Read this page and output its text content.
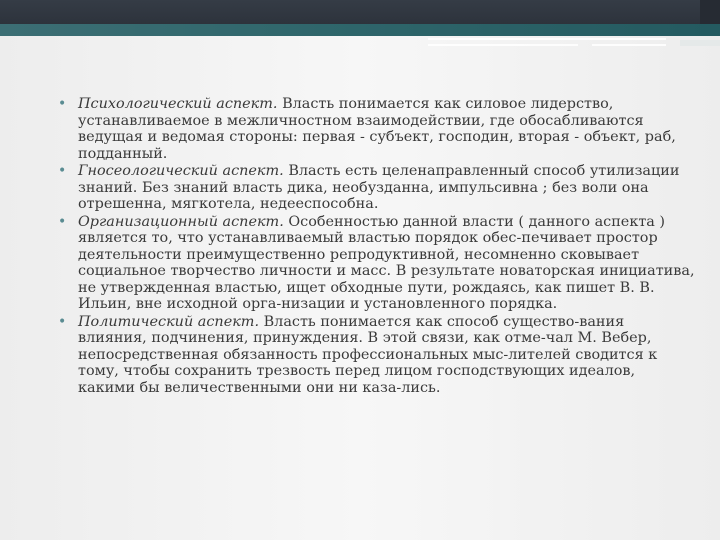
• Психологический аспект. Власть понимается как силовое лидерство, устанавливаемое в межличностном взаимодействии, где обосабливаются ведущая и ведомая стороны: первая - субъект, господин, вторая - объект, раб, подданный.
• Гносеологический аспект. Власть есть целенаправленный способ утилизации знаний. Без знаний власть дика, необузданна, импульсивна ; без воли она отрешенна, мягкотела, недееспособна.
• Организационный аспект. Особенностью данной власти ( данного аспекта ) является то, что устанавливаемый властью порядок обес-печивает простор деятельности преимущественно репродуктивной, несомненно сковывает социальное творчество личности и масс. В результате новаторская инициатива, не утвержденная властью, ищет обходные пути, рождаясь, как пишет В. В. Ильин, вне исходной орга-низации и установленного порядка.
• Политический аспект. Власть понимается как способ существо-вания влияния, подчинения, принуждения. В этой связи, как отме-чал М. Вебер, непосредственная обязанность профессиональных мыс-лителей сводится к тому, чтобы сохранить трезвость перед лицом господствующих идеалов, какими бы величественными они ни каза-лись.
